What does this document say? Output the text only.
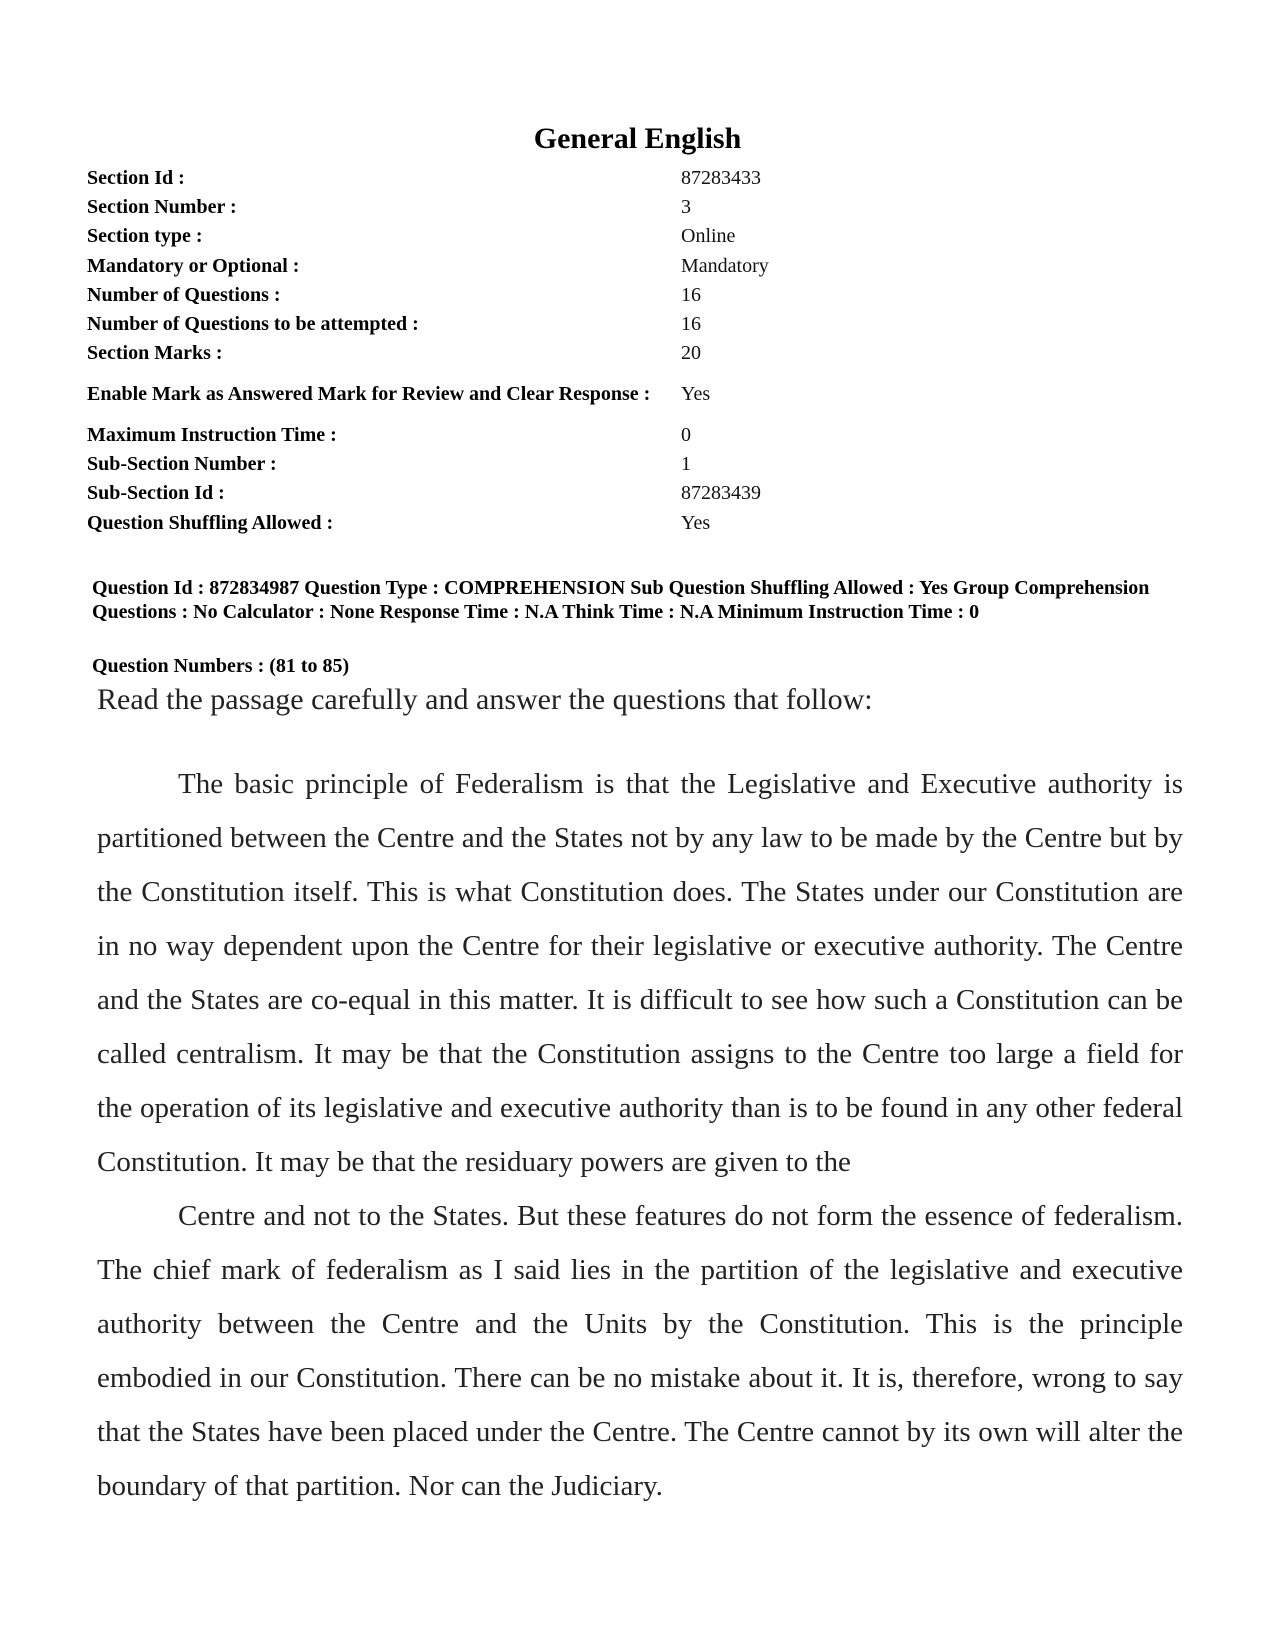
General English
Section Id :	87283433
Section Number :	3
Section type :	Online
Mandatory or Optional :	Mandatory
Number of Questions :	16
Number of Questions to be attempted :	16
Section Marks :	20
Enable Mark as Answered Mark for Review and Clear Response :	Yes
Maximum Instruction Time :	0
Sub-Section Number :	1
Sub-Section Id :	87283439
Question Shuffling Allowed :	Yes
Question Id : 872834987 Question Type : COMPREHENSION Sub Question Shuffling Allowed : Yes Group Comprehension Questions : No Calculator : None Response Time : N.A Think Time : N.A Minimum Instruction Time : 0
Question Numbers : (81 to 85)
Read the passage carefully and answer the questions that follow:

The basic principle of Federalism is that the Legislative and Executive authority is partitioned between the Centre and the States not by any law to be made by the Centre but by the Constitution itself. This is what Constitution does. The States under our Constitution are in no way dependent upon the Centre for their legislative or executive authority. The Centre and the States are co-equal in this matter. It is difficult to see how such a Constitution can be called centralism. It may be that the Constitution assigns to the Centre too large a field for the operation of its legislative and executive authority than is to be found in any other federal Constitution. It may be that the residuary powers are given to the

Centre and not to the States. But these features do not form the essence of federalism. The chief mark of federalism as I said lies in the partition of the legislative and executive authority between the Centre and the Units by the Constitution. This is the principle embodied in our Constitution. There can be no mistake about it. It is, therefore, wrong to say that the States have been placed under the Centre. The Centre cannot by its own will alter the boundary of that partition. Nor can the Judiciary.
